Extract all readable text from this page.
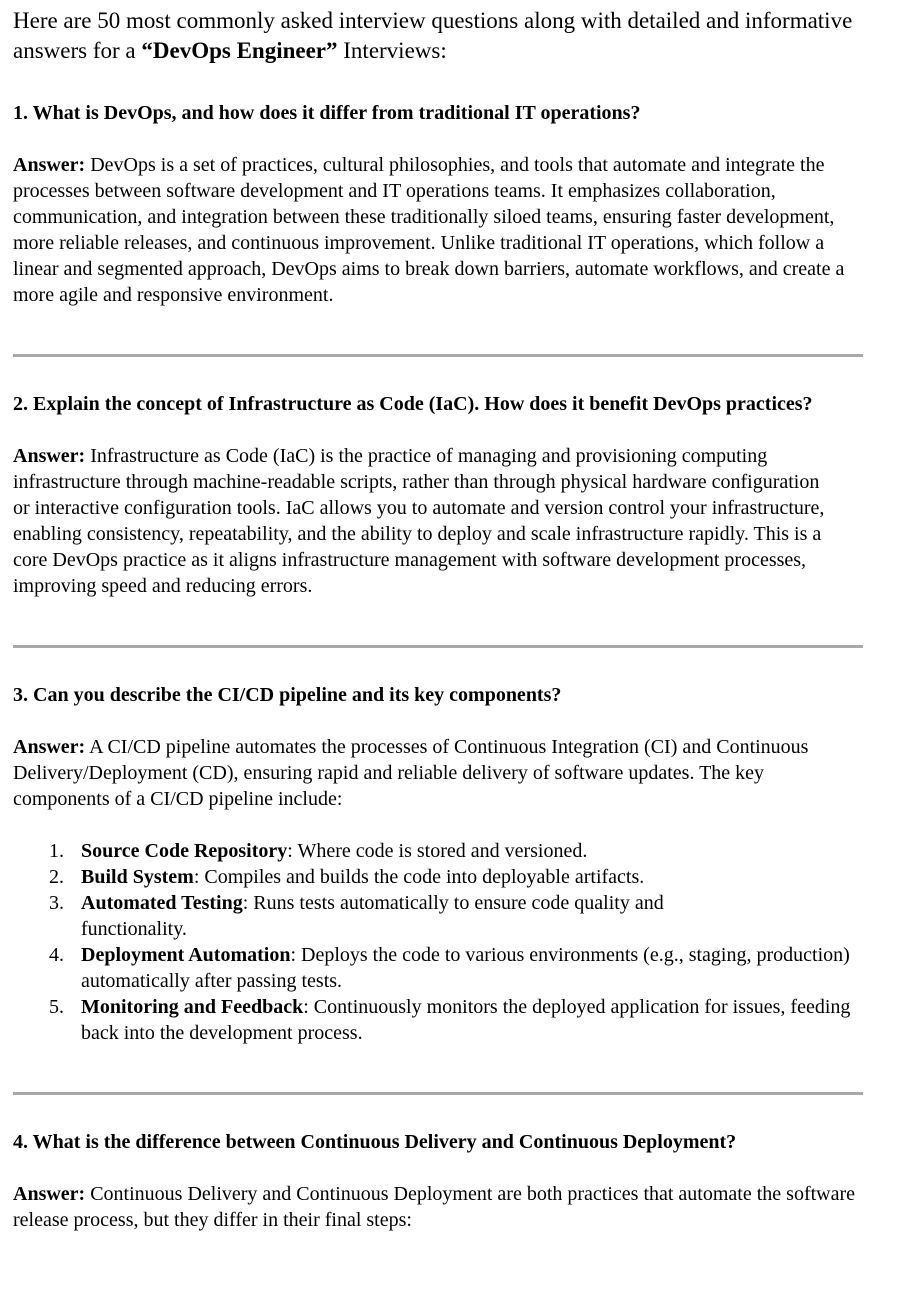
Here are 50 most commonly asked interview questions along with detailed and informative answers for a “DevOps Engineer” Interviews:

1. What is DevOps, and how does it differ from traditional IT operations?

Answer: DevOps is a set of practices, cultural philosophies, and tools that automate and integrate the processes between software development and IT operations teams. It emphasizes collaboration, communication, and integration between these traditionally siloed teams, ensuring faster development, more reliable releases, and continuous improvement. Unlike traditional IT operations, which follow a linear and segmented approach, DevOps aims to break down barriers, automate workflows, and create a more agile and responsive environment.

2. Explain the concept of Infrastructure as Code (IaC). How does it benefit DevOps practices?

Answer: Infrastructure as Code (IaC) is the practice of managing and provisioning computing infrastructure through machine-readable scripts, rather than through physical hardware configuration or interactive configuration tools. IaC allows you to automate and version control your infrastructure, enabling consistency, repeatability, and the ability to deploy and scale infrastructure rapidly. This is a core DevOps practice as it aligns infrastructure management with software development processes, improving speed and reducing errors.

3. Can you describe the CI/CD pipeline and its key components?

Answer: A CI/CD pipeline automates the processes of Continuous Integration (CI) and Continuous Delivery/Deployment (CD), ensuring rapid and reliable delivery of software updates. The key components of a CI/CD pipeline include:

1. Source Code Repository: Where code is stored and versioned.
2. Build System: Compiles and builds the code into deployable artifacts.
3. Automated Testing: Runs tests automatically to ensure code quality and functionality.
4. Deployment Automation: Deploys the code to various environments (e.g., staging, production) automatically after passing tests.
5. Monitoring and Feedback: Continuously monitors the deployed application for issues, feeding back into the development process.
4. What is the difference between Continuous Delivery and Continuous Deployment?

Answer: Continuous Delivery and Continuous Deployment are both practices that automate the software release process, but they differ in their final steps:
